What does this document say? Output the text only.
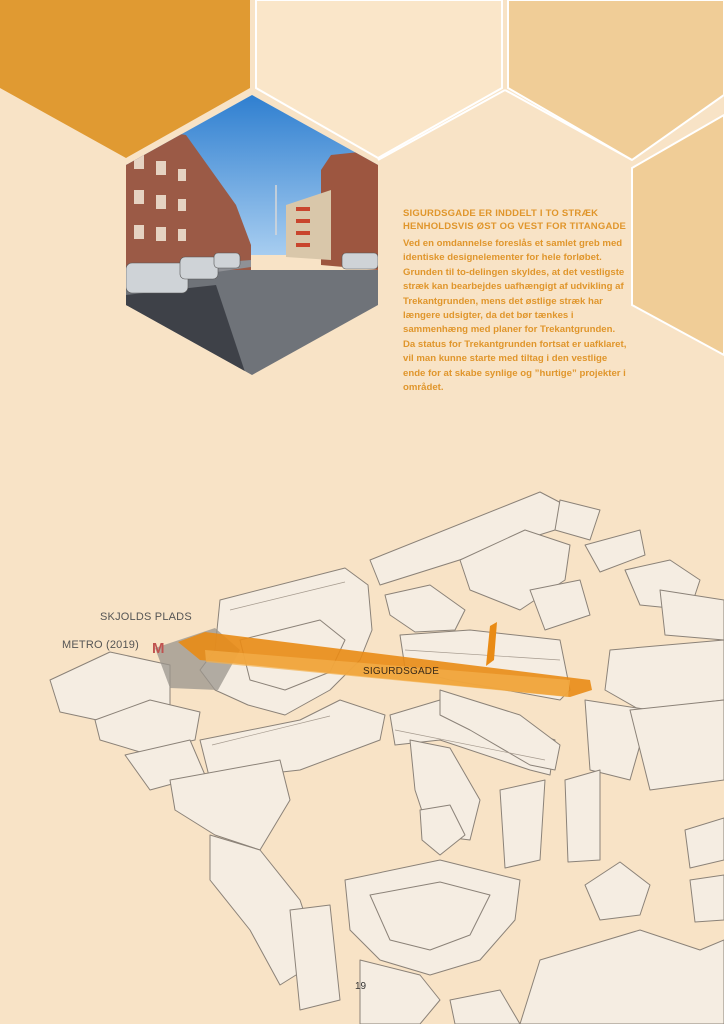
SIGURDSGADE ER INDDELT I TO STRÆK HENHOLDSVIS ØST OG VEST FOR TITANGADE

Ved en omdannelse foreslås et samlet greb med identiske designelementer for hele forløbet. Grunden til to-delingen skyldes, at det vestligste stræk kan bearbejdes uafhængigt af udvikling af Trekantgrunden, mens det østlige stræk har længere udsigter, da det bør tænkes i sammenhæng med planer for Trekantgrunden. Da status for Trekantgrunden fortsat er uafklaret, vil man kunne starte med tiltag i den vestlige ende for at skabe synlige og ”hurtige” projekter i området.

SKJOLDS PLADS
METRO (2019) M
SIGURDSGADE
19
